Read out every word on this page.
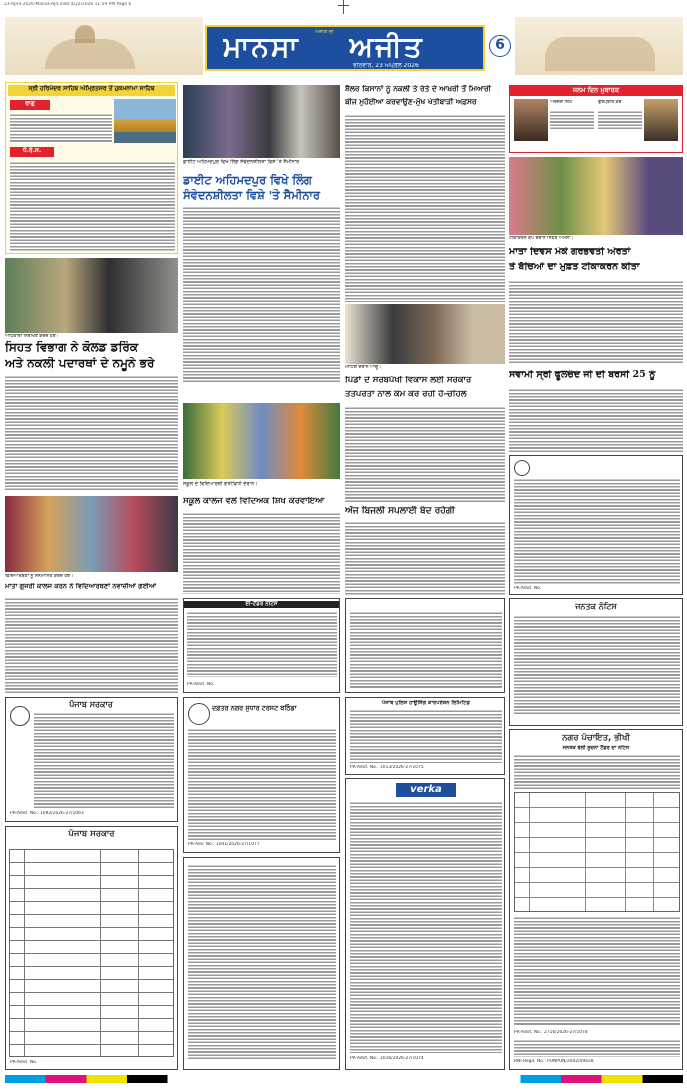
23-April-2026-Mansa-Ajit.indd 4/22/2026 11:59 PM Page 6
ਮਾਨਸਾ ਅਜੀਤ
ਅਜੀਤ ਦੀ
ਵੀਰਵਾਰ, 23 ਅਪ੍ਰੈਲ 2026
6
ਸ੍ਰੀ ਹਰਿਮੰਦਰ ਸਾਹਿਬ ਅੰਮ੍ਰਿਤਸਰ ਤੋਂ ਹੁਕਮਨਾਮਾ ਸਾਹਿਬ
ਰਾਗੁ
ਧੋ.ਰੋ.ਸ.
ਡਾਈਟ ਅਹਿਮਦਪੁਰ ਵਿਖੇ ਲਿੰਗ ਸੰਵੇਦਨਸ਼ੀਲਤਾ ਵਿਸ਼ੇ 'ਤੇ ਸੈਮੀਨਾਰ
ਡਾਈਟ ਅਹਿਮਦਪੁਰ ਵਿਖੇ ਲਿੰਗ
ਸੰਵੇਦਨਸ਼ੀਲਤਾ ਵਿਸ਼ੇ 'ਤੇ ਸੈਮੀਨਾਰ
ਅਧਿਕਾਰੀ ਨਿਰੀਖਣ ਕਰਦੇ ਹੋਏ।
ਸਿਹਤ ਵਿਭਾਗ ਨੇ ਕੋਲਡ ਡਰਿੰਕ
ਅਤੇ ਨਕਲੀ ਪਦਾਰਥਾਂ ਦੇ ਨਮੂਨੇ ਭਰੇ
ਵਿਦਿਆਰਥਣਾਂ ਨੂੰ ਸਨਮਾਨਿਤ ਕਰਦੇ ਹੋਏ।
ਮਾਤਾ ਗੁਜਰੀ ਕਾਲਜ ਕਰਨ ਨੇ ਵਿਦਿਆਰਥਣਾਂ ਨਵਾਜ਼ੀਆਂ ਗਈਆਂ
ਪੰਜਾਬ ਸਰਕਾਰ
PR-Advt. No.: 1092/2026-27/1063
ਪੰਜਾਬ ਸਰਕਾਰ
PR-Advt. No.
ਸਕੂਲ ਦੇ ਵਿਦਿਆਰਥੀ ਗਤੀਵਿਧੀ ਦੌਰਾਨ।
ਸਕੂਲ ਕਾਲਜ ਵਲੋਂ ਵਿਦਿਅਕ ਸ਼ਿਖ ਕਰਵਾਇਆ
ਈ-ਟੈਂਡਰ ਨੋਟਿਸ
PR-Advt. No.
ਦਫ਼ਤਰ ਨਗਰ ਸੁਧਾਰ ਟਰਸਟ ਬਠਿੰਡਾ
PR-Adv. No.: 1041/2026-27/1077
ਸ਼ੈਲਰ ਕਿਸਾਨਾਂ ਨੂੰ ਨਕਲੀ ਤੇ ਰੇਤੇ ਦੇ ਆਖ਼ਰੀ ਤੋਂ ਮਿਆਰੀ
ਬੀਜ ਮੁਹੱਈਆ ਕਰਵਾਉਣ-ਮੁੱਖ ਖੇਤੀਬਾੜੀ ਅਫ਼ਸਰ
ਮੀਟਿੰਗ ਦੌਰਾਨ ਆਗੂ।
ਪਿੰਡਾਂ ਦੇ ਸਰਬਪੱਖੀ ਵਿਕਾਸ ਲਈ ਸਰਕਾਰ
ਤਤਪਰਤਾ ਨਾਲ ਕੰਮ ਕਰ ਰਹੀ ਹੈ-ਚਹਿਲ
ਅੱਜ ਬਿਜਲੀ ਸਪਲਾਈ ਬੰਦ ਰਹੇਗੀ
ਪੰਜਾਬ ਪੁਲਿਸ ਹਾਊਸਿੰਗ ਕਾਰਪੋਰੇਸ਼ਨ ਲਿਮਿਟਿਡ
PR-Advt. No.: 1013/2026-27/1075
verka
PR-Advt. No.: 1016/2026-27/1074
ਜਨਮ ਦਿਨ ਮੁਬਾਰਕ
ਅਰਸ਼ੰਸ਼ ਸਿੰਘ	ਗੁਰਪ੍ਰੀਤ ਕੌਰ
ਟੀਕਾਕਰਨ ਕੈਂਪ ਦੌਰਾਨ ਸਿਹਤ ਅਮਲਾ।
ਮਾਤਾ ਦਿਵਸ ਮੌਕੇ ਗਰਭਵਤੀ ਔਰਤਾਂ
ਤੇ ਬੱਚਿਆਂ ਦਾ ਮੁਫ਼ਤ ਟੀਕਾਕਰਨ ਕੀਤਾ
ਸਵਾਮੀ ਸ੍ਰੀ ਫੂਲਚੰਦ ਜੀ ਦੀ ਬਰਸੀ 25 ਨੂੰ
PR-Advt. No.
ਜਨਤਕ ਨੋਟਿਸ
ਨਗਰ ਪੰਚਾਇਤ, ਭੀਖੀ
ਜਨਤਕ ਬੋਲੀ ਸੂਚਨਾ ਟੈਂਡਰ ਦਾ ਨੋਟਿਸ
PR-Advt. No.: 2716/2026-27/1078
RNI Regd. No.: PUNPUN/2002/09428
